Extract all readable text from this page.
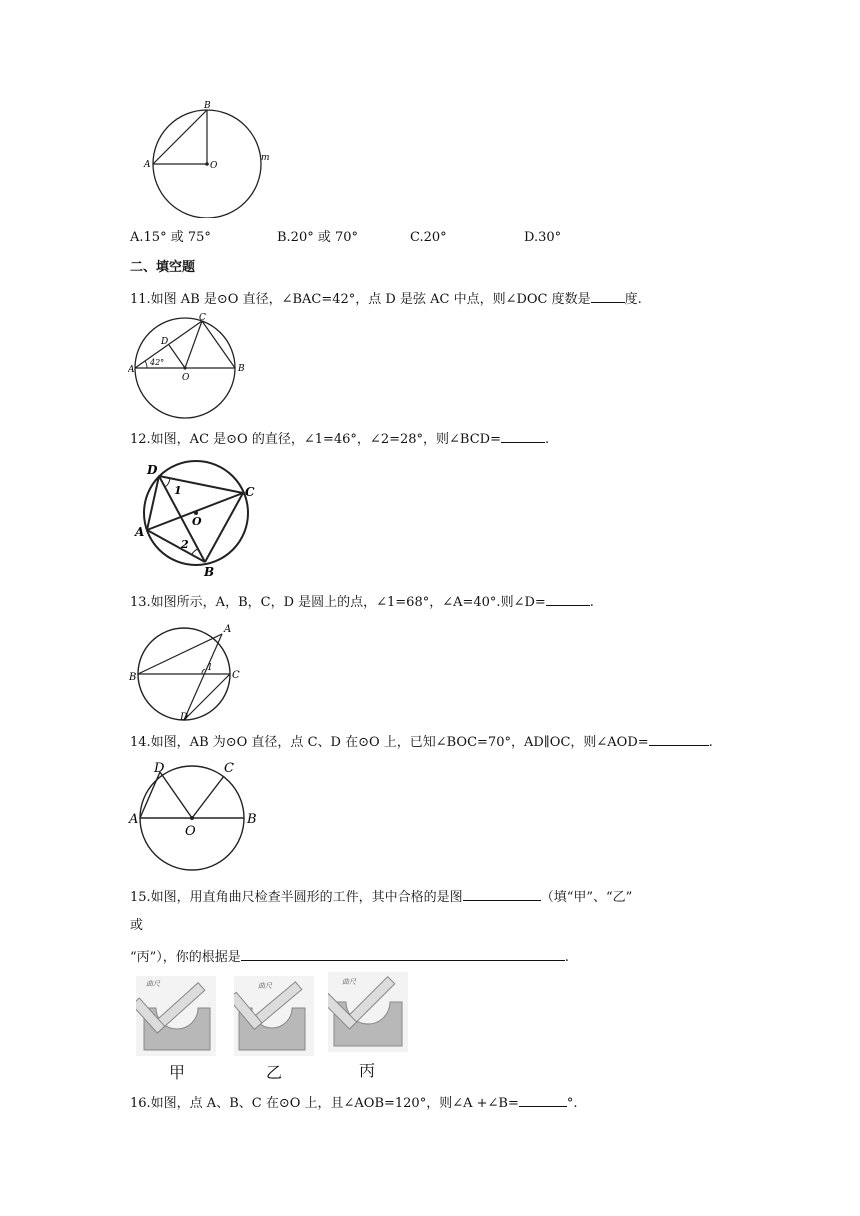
B
A	O
m
A.15° 或 75°	B.20° 或 70°	C.20°	D.30°
二、填空题
11.如图 AB 是⊙O 直径，∠BAC=42°，点 D 是弦 AC 中点，则∠DOC 度数是	度.
C
D
42°
A
O
B
12.如图，AC 是⊙O 的直径，∠1=46°，∠2=28°，则∠BCD=	.
D
1	C
O
A
2
B
13.如图所示，A，B，C，D 是圆上的点，∠1=68°，∠A=40°.则∠D=	.
A
1
B	C
D
14.如图，AB 为⊙O 直径，点 C、D 在⊙O 上，已知∠BOC=70°，AD∥OC，则∠AOD=	.
D	C
A
O
B
15.如图，用直角曲尺检查半圆形的工件，其中合格的是图	（填“甲”、“乙”
或
“丙”），你的根据是	.
曲尺
甲
曲尺
乙
曲尺
丙
16.如图，点 A、B、C 在⊙O 上，且∠AOB=120°，则∠A +∠B=	°.
